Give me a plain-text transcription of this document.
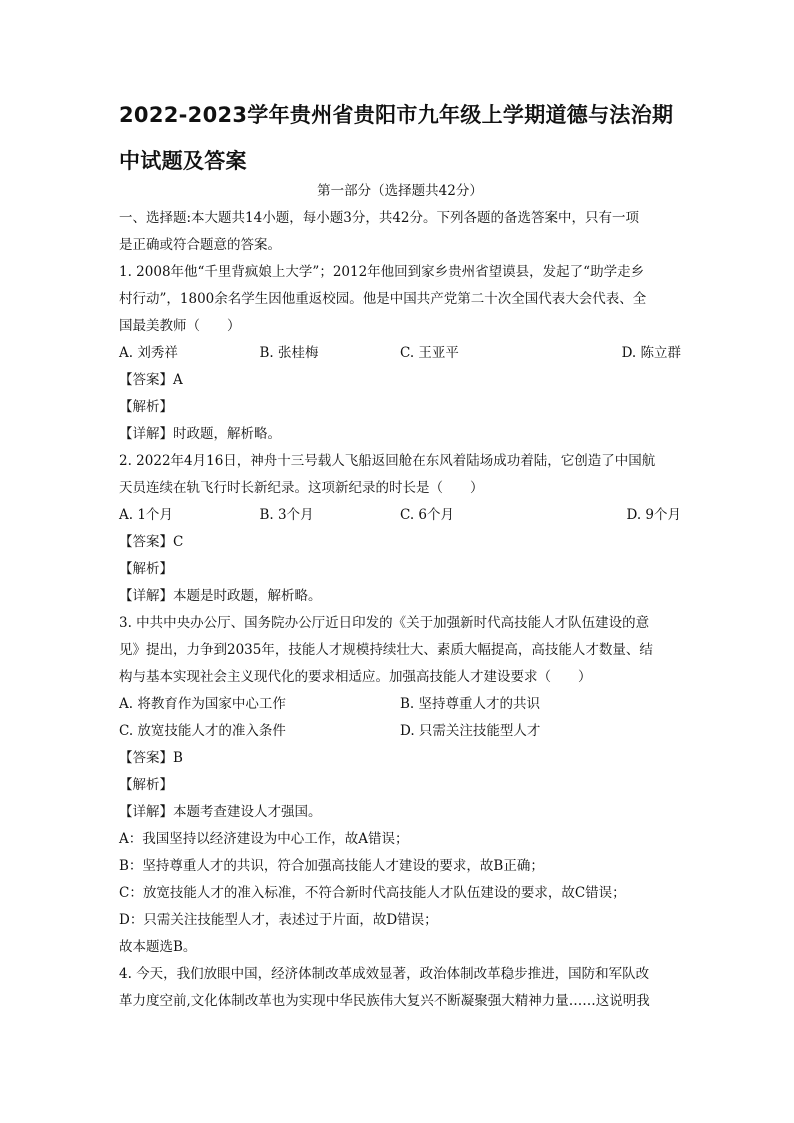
2022-2023学年贵州省贵阳市九年级上学期道德与法治期中试题及答案

第一部分（选择题共42分）

一、选择题:本大题共14小题，每小题3分，共42分。下列各题的备选答案中，只有一项

是正确或符合题意的答案。

1. 2008年他“千里背疯娘上大学”；2012年他回到家乡贵州省望谟县，发起了“助学走乡

村行动”，1800余名学生因他重返校园。他是中国共产党第二十次全国代表大会代表、全

国最美教师（　　）

A. 刘秀祥	B. 张桂梅	C. 王亚平	D. 陈立群

【答案】A

【解析】

【详解】时政题，解析略。

2. 2022年4月16日，神舟十三号载人飞船返回舱在东风着陆场成功着陆，它创造了中国航

天员连续在轨飞行时长新纪录。这项新纪录的时长是（　　）

A. 1个月	B. 3个月	C. 6个月	D. 9个月

【答案】C

【解析】

【详解】本题是时政题，解析略。

3. 中共中央办公厅、国务院办公厅近日印发的《关于加强新时代高技能人才队伍建设的意

见》提出，力争到2035年，技能人才规模持续壮大、素质大幅提高，高技能人才数量、结

构与基本实现社会主义现代化的要求相适应。加强高技能人才建设要求（　　）

A. 将教育作为国家中心工作	B. 坚持尊重人才的共识
C. 放宽技能人才的准入条件	D. 只需关注技能型人才

【答案】B

【解析】

【详解】本题考查建设人才强国。

A：我国坚持以经济建设为中心工作，故A错误；

B：坚持尊重人才的共识，符合加强高技能人才建设的要求，故B正确；

C：放宽技能人才的准入标准，不符合新时代高技能人才队伍建设的要求，故C错误；

D：只需关注技能型人才，表述过于片面，故D错误；

故本题选B。

4. 今天，我们放眼中国，经济体制改革成效显著，政治体制改革稳步推进，国防和军队改

革力度空前,文化体制改革也为实现中华民族伟大复兴不断凝聚强大精神力量……这说明我
